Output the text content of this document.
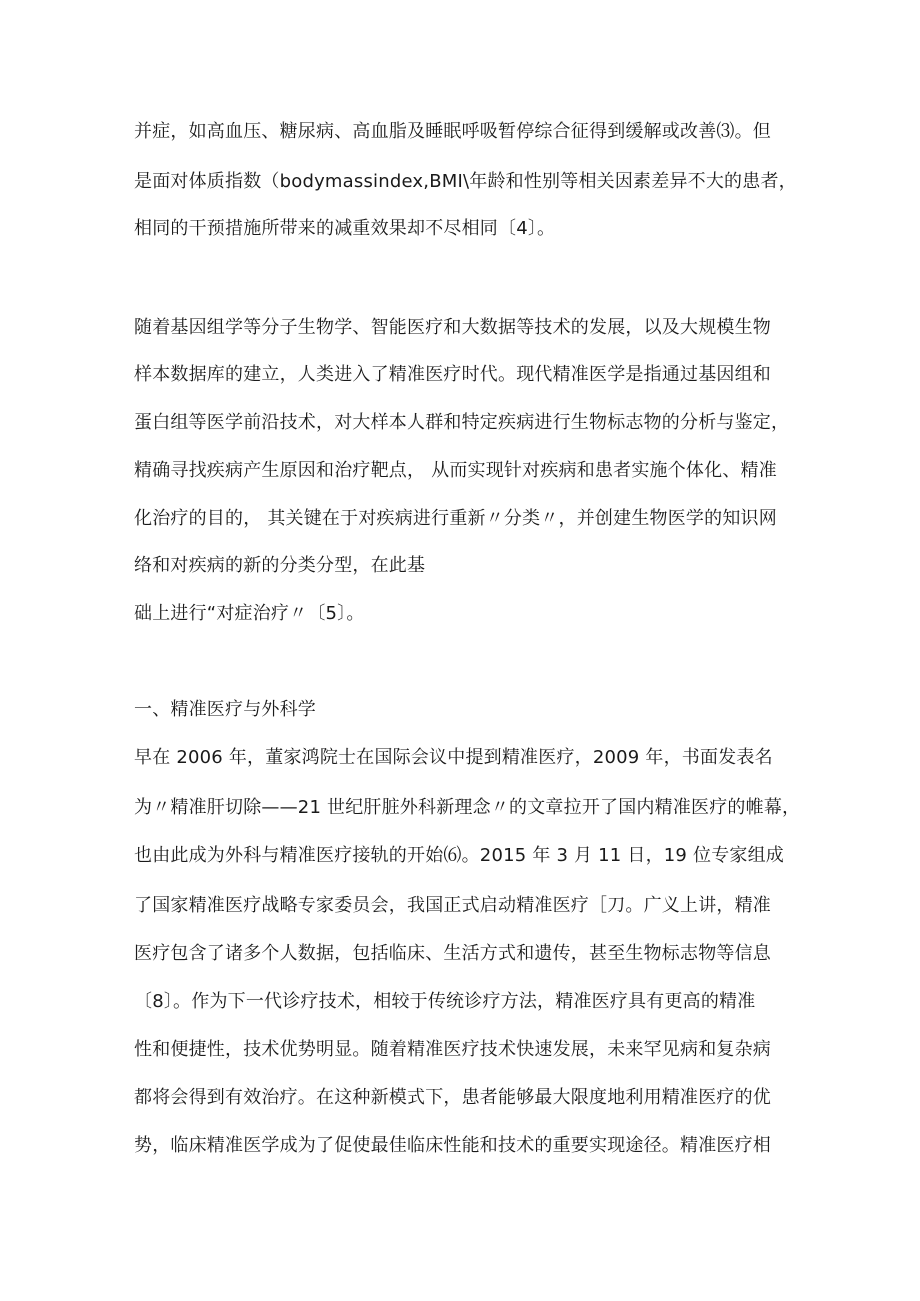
并症，如高血压、糖尿病、高血脂及睡眠呼吸暂停综合征得到缓解或改善⑶。但
是面对体质指数（bodymassindex,BMI\年龄和性别等相关因素差异不大的患者，
相同的干预措施所带来的减重效果却不尽相同〔4〕。
随着基因组学等分子生物学、智能医疗和大数据等技术的发展，以及大规模生物
样本数据库的建立，人类进入了精准医疗时代。现代精准医学是指通过基因组和
蛋白组等医学前沿技术，对大样本人群和特定疾病进行生物标志物的分析与鉴定，
精确寻找疾病产生原因和治疗靶点， 从而实现针对疾病和患者实施个体化、精准
化治疗的目的， 其关键在于对疾病进行重新〃分类〃，并创建生物医学的知识网
络和对疾病的新的分类分型，在此基
础上进行“对症治疗〃〔5〕。
一、精准医疗与外科学
早在 2006 年，董家鸿院士在国际会议中提到精准医疗，2009 年，书面发表名
为〃精准肝切除——21 世纪肝脏外科新理念〃的文章拉开了国内精准医疗的帷幕，
也由此成为外科与精准医疗接轨的开始⑹。2015 年 3 月 11 日，19 位专家组成
了国家精准医疗战略专家委员会，我国正式启动精准医疗［刀。广义上讲，精准
医疗包含了诸多个人数据，包括临床、生活方式和遗传，甚至生物标志物等信息
〔8〕。作为下一代诊疗技术，相较于传统诊疗方法，精准医疗具有更高的精准
性和便捷性，技术优势明显。随着精准医疗技术快速发展，未来罕见病和复杂病
都将会得到有效治疗。在这种新模式下，患者能够最大限度地利用精准医疗的优
势，临床精准医学成为了促使最佳临床性能和技术的重要实现途径。精准医疗相
